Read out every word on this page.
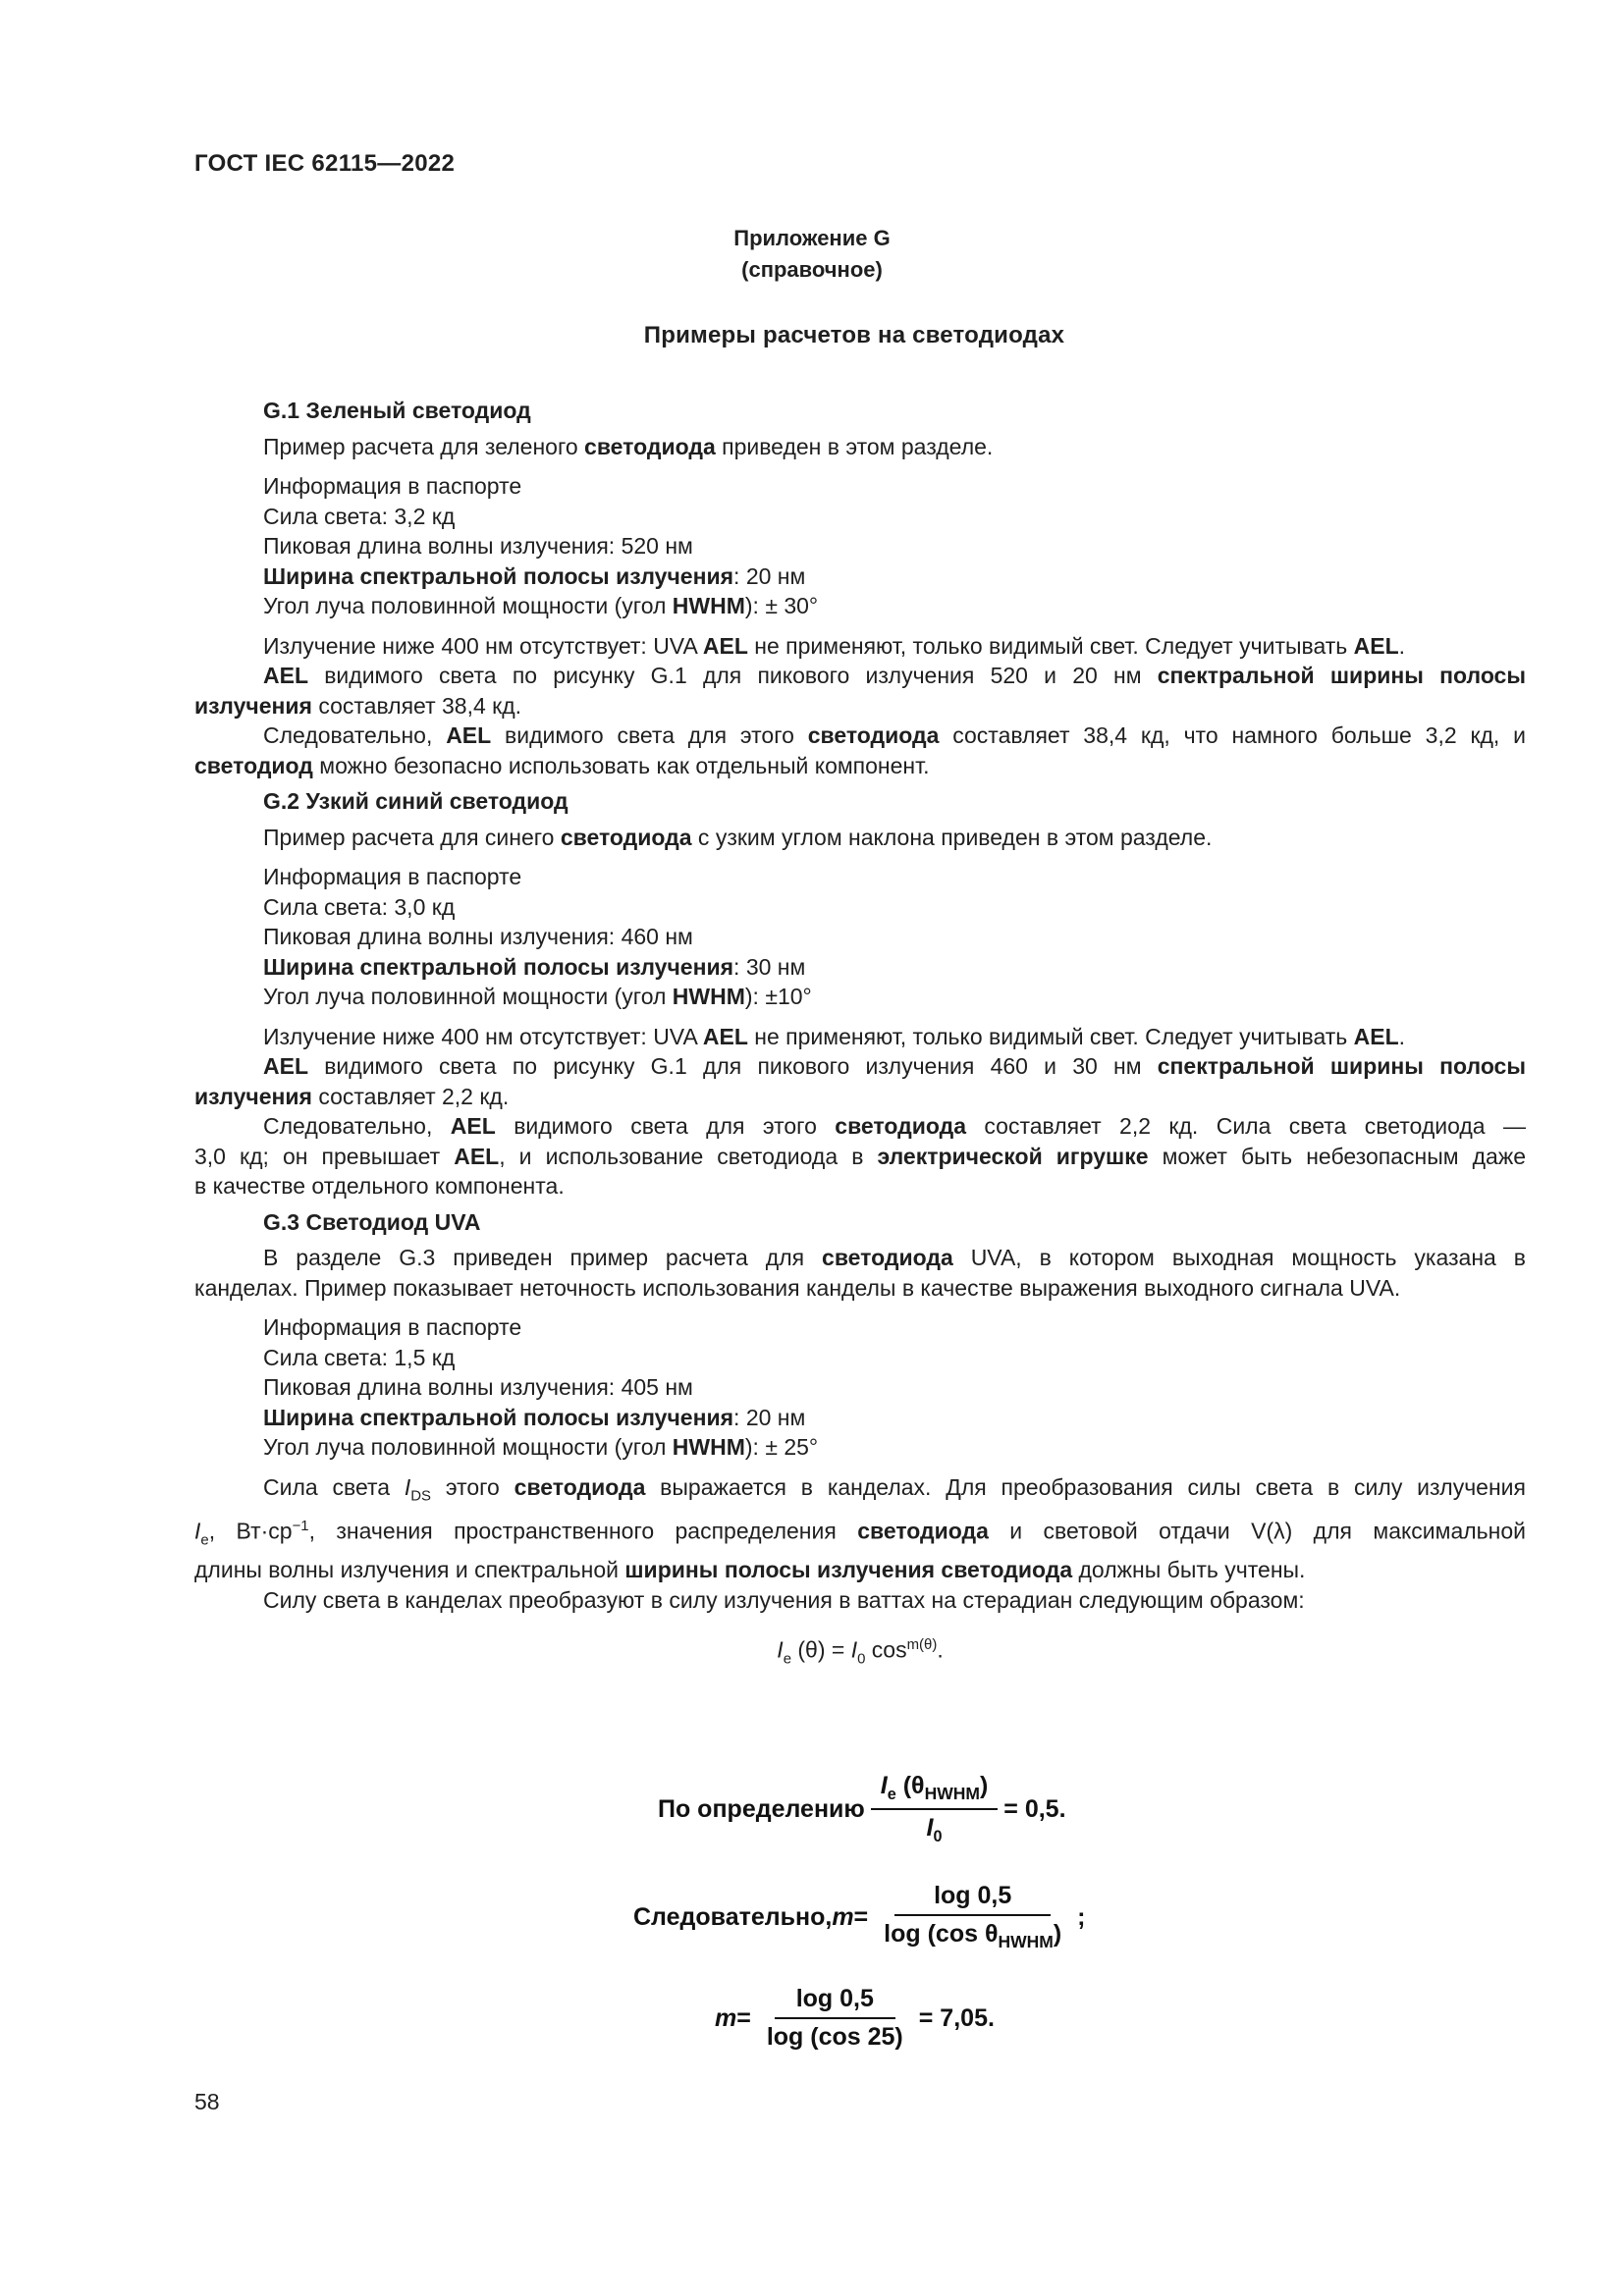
ГОСТ IEC 62115—2022
Приложение G
(справочное)
Примеры расчетов на светодиодах

G.1 Зеленый светодиод

Пример расчета для зеленого светодиода приведен в этом разделе.

Информация в паспорте

Сила света: 3,2 кд

Пиковая длина волны излучения: 520 нм

Ширина спектральной полосы излучения: 20 нм

Угол луча половинной мощности (угол HWHM): ± 30°

Излучение ниже 400 нм отсутствует: UVA AEL не применяют, только видимый свет. Следует учитывать AEL.

AEL видимого света по рисунку G.1 для пикового излучения 520 и 20 нм спектральной ширины полосы

излучения составляет 38,4 кд.

Следовательно, AEL видимого света для этого светодиода составляет 38,4 кд, что намного больше 3,2 кд, и

светодиод можно безопасно использовать как отдельный компонент.

G.2 Узкий синий светодиод

Пример расчета для синего светодиода с узким углом наклона приведен в этом разделе.

Информация в паспорте

Сила света: 3,0 кд

Пиковая длина волны излучения: 460 нм

Ширина спектральной полосы излучения: 30 нм

Угол луча половинной мощности (угол HWHM): ±10°

Излучение ниже 400 нм отсутствует: UVA AEL не применяют, только видимый свет. Следует учитывать AEL.

AEL видимого света по рисунку G.1 для пикового излучения 460 и 30 нм спектральной ширины полосы

излучения составляет 2,2 кд.

Следовательно, AEL видимого света для этого светодиода составляет 2,2 кд. Сила света светодиода —

3,0 кд; он превышает AEL, и использование светодиода в электрической игрушке может быть небезопасным даже

в качестве отдельного компонента.

G.3 Светодиод UVA

В разделе G.3 приведен пример расчета для светодиода UVA, в котором выходная мощность указана в

канделах. Пример показывает неточность использования канделы в качестве выражения выходного сигнала UVA.

Информация в паспорте

Сила света: 1,5 кд

Пиковая длина волны излучения: 405 нм

Ширина спектральной полосы излучения: 20 нм

Угол луча половинной мощности (угол HWHM): ± 25°

Сила света $I_{DS}$ этого светодиода выражается в канделах. Для преобразования силы света в силу излучения

$I_e$, $Вт\cdot ср^{-1}$, значения пространственного распределения светодиода и световой отдачи V(λ) для максимальной

длины волны излучения и спектральной ширины полосы излучения светодиода должны быть учтены.

Силу света в канделах преобразуют в силу излучения в ваттах на стерадиан следующим образом:

$I_e$ $(\theta) = I_0$ $\cos^{m(\theta)}$.

По определению $\frac{I_e (\theta_{HWHM})}{I_0} = 0,5$.
Следовательно, $m = \frac{\log 0,5}{\log (\cos \theta_{HWHM})}$ ;
$m = \frac{\log 0,5}{\log (\cos 25)} = 7,05$.
58
